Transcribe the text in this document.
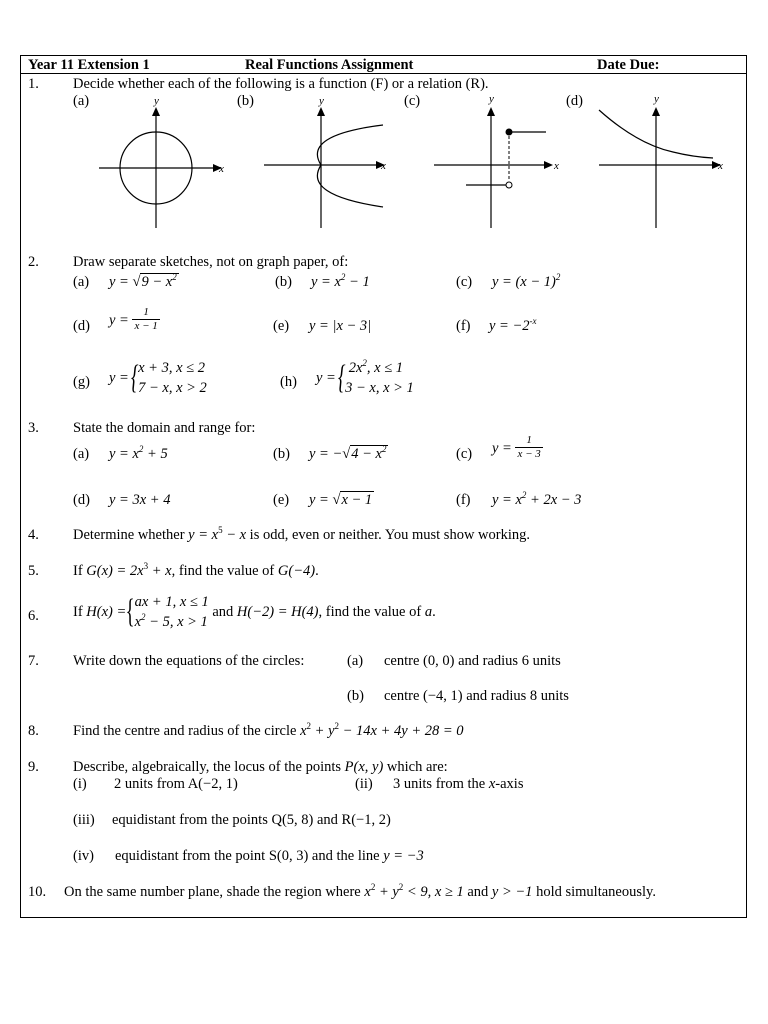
Year 11 Extension 1	Real Functions Assignment	Date Due:
1. Decide whether each of the following is a function (F) or a relation (R).
(a)	(b)	(c)	(d)
x
y
x
y
x
y
x
y
2. Draw separate sketches, not on graph paper, of:
(a) $y = √9 - x^2$	(b) $y = x^2 - 1$	(c) $y = (x - 1)^2$
(d) $y = \frac{1}{x - 1}$	(e) y = |x − 3|	(f) $y = -2^{-x}$
(g) y = { x + 3, x ≤ 2
7 − x, x > 2	(h) y = { $2x^2$, x ≤ 1
3 − x, x > 1
3. State the domain and range for:
(a) $y = x^2 + 5$	(b) $y = -√4 - x^2$	(c) $y = \frac{1}{x - 3}$
(d) y = 3x + 4	(e) y = √x − 1	(f) $y = x^2 + 2x - 3$
4. Determine whether $y = x^5 - x$ is odd, even or neither. You must show working.
5. If $G(x) = 2x^3 + x$, find the value of G(−4).
6. If H(x) ={ ax + 1, x ≤ 1
$x^2 - 5$, x > 1
and H(−2) = H(4), find the value of a.
7. Write down the equations of the circles:	(a) centre (0, 0) and radius 6 units
(b) centre (−4, 1) and radius 8 units
8. Find the centre and radius of the circle $x^2 + y^2 - 14x + 4y + 28 = 0$
9. Describe, algebraically, the locus of the points P(x, y) which are:
(i) 2 units from A(−2, 1)	(ii) 3 units from the x-axis
(iii) equidistant from the points Q(5, 8) and R(−1, 2)
(iv) equidistant from the point S(0, 3) and the line y = −3
10. On the same number plane, shade the region where $x^2 + y^2 < 9$, x ≥ 1 and y > −1 hold simultaneously.
